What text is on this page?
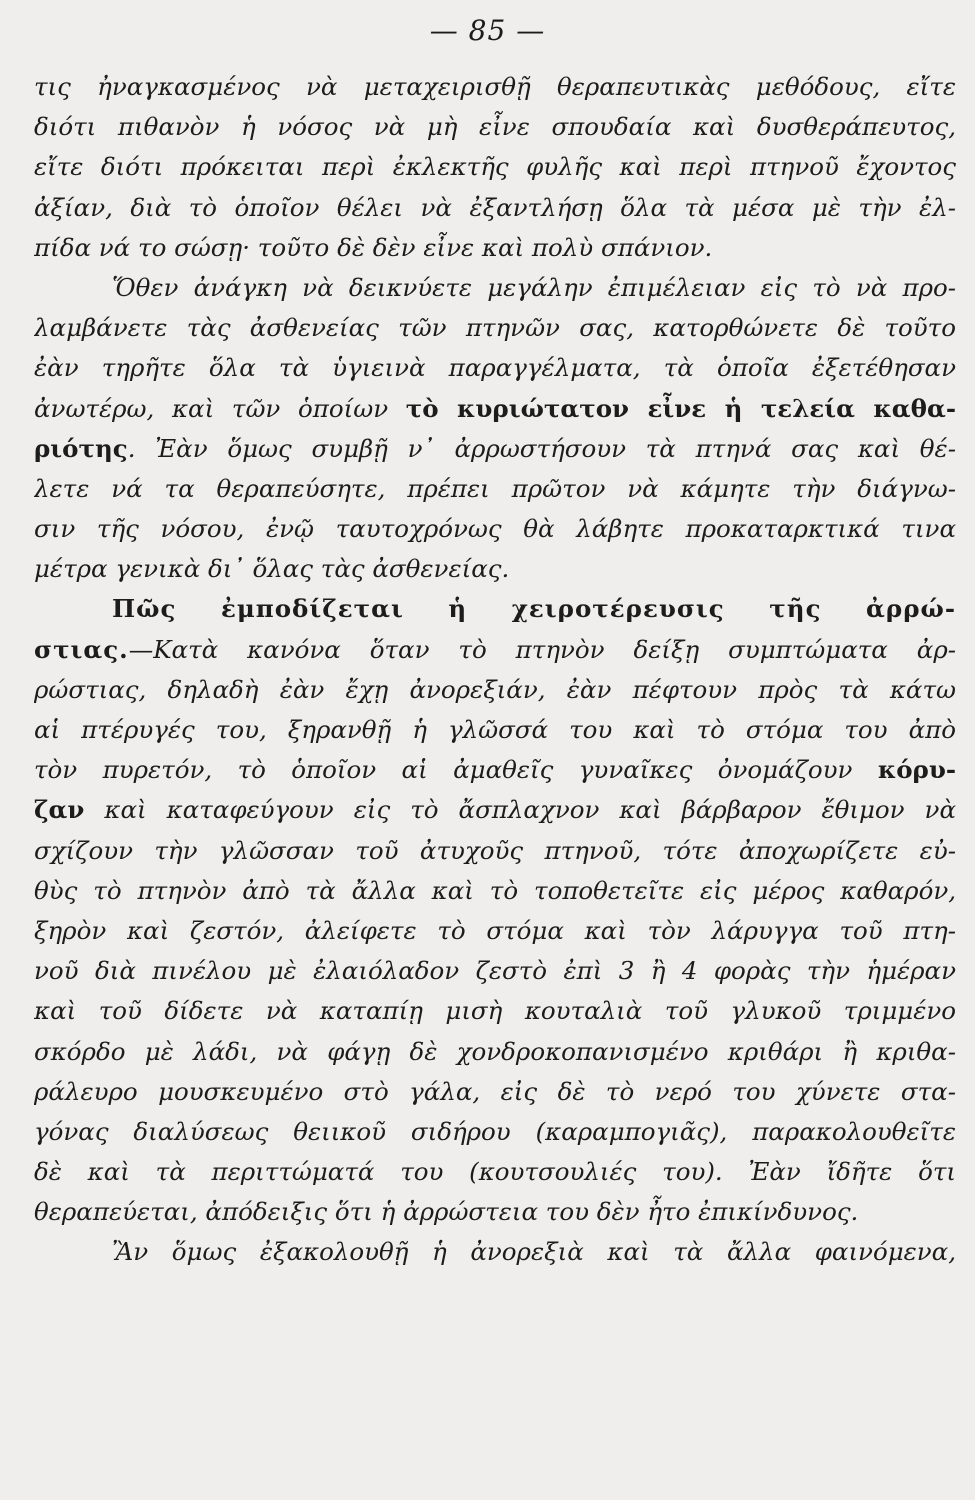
— 85 —
τις ἠναγκασμένος νὰ μεταχειρισθῇ θεραπευτικὰς μεθόδους, εἴτε
διότι πιθανὸν ἡ νόσος νὰ μὴ εἶνε σπουδαία καὶ δυσθεράπευτος,
εἴτε διότι πρόκειται περὶ ἐκλεκτῆς φυλῆς καὶ περὶ πτηνοῦ ἔχοντος
ἀξίαν, διὰ τὸ ὁποῖον θέλει νὰ ἐξαντλήσῃ ὅλα τὰ μέσα μὲ τὴν ἐλ-
πίδα νά το σώσῃ· τοῦτο δὲ δὲν εἶνε καὶ πολὺ σπάνιον.
Ὅθεν ἀνάγκη νὰ δεικνύετε μεγάλην ἐπιμέλειαν εἰς τὸ νὰ προ-
λαμβάνετε τὰς ἀσθενείας τῶν πτηνῶν σας, κατορθώνετε δὲ τοῦτο
ἐὰν τηρῆτε ὅλα τὰ ὑγιεινὰ παραγγέλματα, τὰ ὁποῖα ἐξετέθησαν
ἀνωτέρω, καὶ τῶν ὁποίων τὸ κυριώτατον εἶνε ἡ τελεία καθα-
ριότης. Ἐὰν ὅμως συμβῇ ν᾽ ἀρρωστήσουν τὰ πτηνά σας καὶ θέ-
λετε νά τα θεραπεύσητε, πρέπει πρῶτον νὰ κάμητε τὴν διάγνω-
σιν τῆς νόσου, ἐνῷ ταυτοχρόνως θὰ λάβητε προκαταρκτικά τινα
μέτρα γενικὰ δι᾽ ὅλας τὰς ἀσθενείας.
Πῶς ἐμποδίζεται ἡ χειροτέρευσις τῆς ἀρρώ-
στιας.—Κατὰ κανόνα ὅταν τὸ πτηνὸν δείξῃ συμπτώματα ἀρ-
ρώστιας, δηλαδὴ ἐὰν ἔχῃ ἀνορεξιάν, ἐὰν πέφτουν πρὸς τὰ κάτω
αἱ πτέρυγές του, ξηρανθῇ ἡ γλῶσσά του καὶ τὸ στόμα του ἀπὸ
τὸν πυρετόν, τὸ ὁποῖον αἱ ἀμαθεῖς γυναῖκες ὀνομάζουν κόρυ-
ζαν καὶ καταφεύγουν εἰς τὸ ἄσπλαχνον καὶ βάρβαρον ἔθιμον νὰ
σχίζουν τὴν γλῶσσαν τοῦ ἀτυχοῦς πτηνοῦ, τότε ἀποχωρίζετε εὐ-
θὺς τὸ πτηνὸν ἀπὸ τὰ ἄλλα καὶ τὸ τοποθετεῖτε εἰς μέρος καθαρόν,
ξηρὸν καὶ ζεστόν, ἀλείφετε τὸ στόμα καὶ τὸν λάρυγγα τοῦ πτη-
νοῦ διὰ πινέλου μὲ ἐλαιόλαδον ζεστὸ ἐπὶ 3 ἢ 4 φορὰς τὴν ἡμέραν
καὶ τοῦ δίδετε νὰ καταπίῃ μισὴ κουταλιὰ τοῦ γλυκοῦ τριμμένο
σκόρδο μὲ λάδι, νὰ φάγῃ δὲ χονδροκοπανισμένο κριθάρι ἢ κριθα-
ράλευρο μουσκευμένο στὸ γάλα, εἰς δὲ τὸ νερό του χύνετε στα-
γόνας διαλύσεως θειικοῦ σιδήρου (καραμπογιᾶς), παρακολουθεῖτε
δὲ καὶ τὰ περιττώματά του (κουτσουλιές του). Ἐὰν ἴδῆτε ὅτι
θεραπεύεται, ἀπόδειξις ὅτι ἡ ἀρρώστεια του δὲν ἦτο ἐπικίνδυνος.
Ἂν ὅμως ἐξακολουθῇ ἡ ἀνορεξιὰ καὶ τὰ ἄλλα φαινόμενα,
